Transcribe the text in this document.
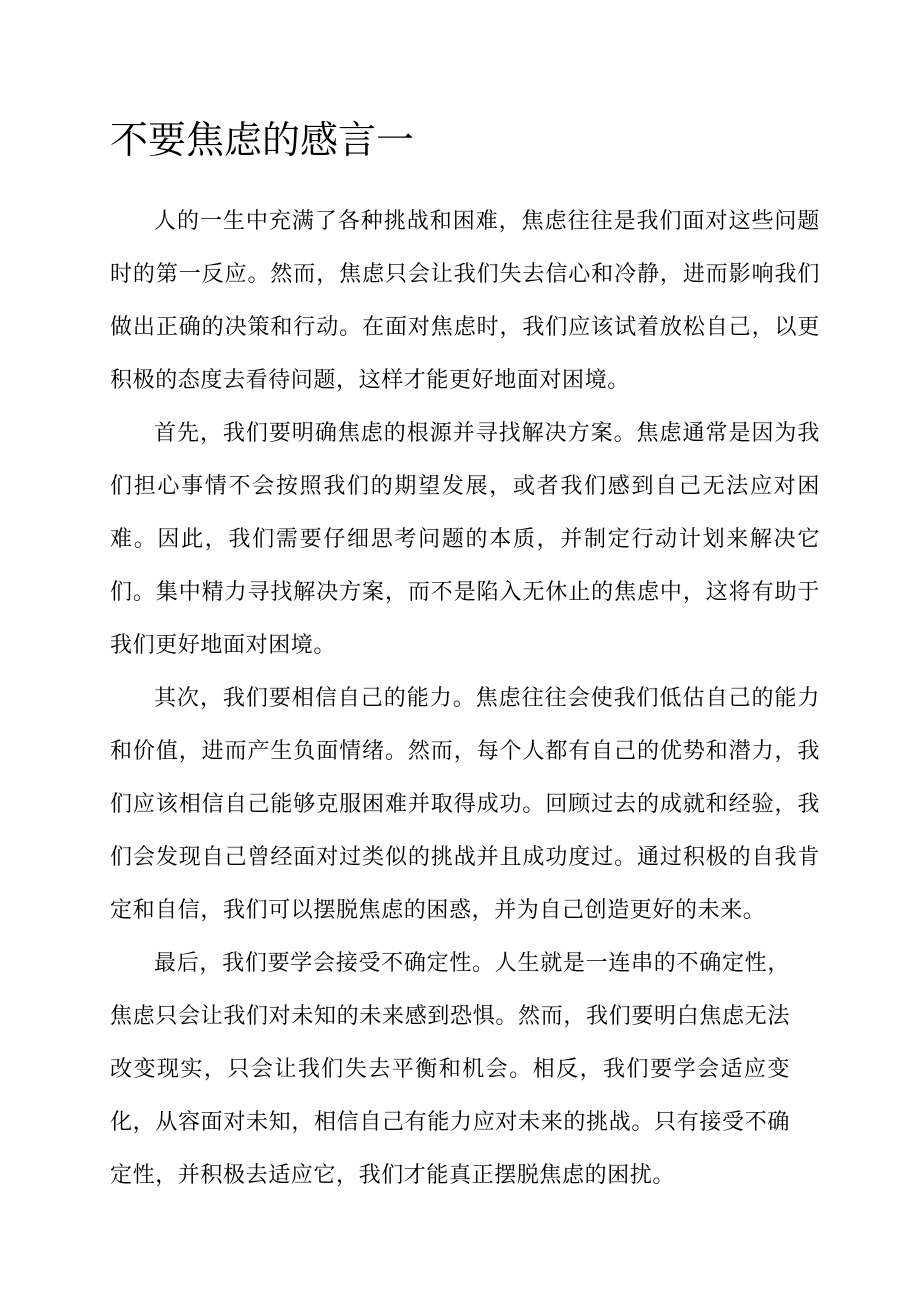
不要焦虑的感言一

人的一生中充满了各种挑战和困难，焦虑往往是我们面对这些问题时的第一反应。然而，焦虑只会让我们失去信心和冷静，进而影响我们做出正确的决策和行动。在面对焦虑时，我们应该试着放松自己，以更积极的态度去看待问题，这样才能更好地面对困境。

首先，我们要明确焦虑的根源并寻找解决方案。焦虑通常是因为我们担心事情不会按照我们的期望发展，或者我们感到自己无法应对困难。因此，我们需要仔细思考问题的本质，并制定行动计划来解决它们。集中精力寻找解决方案，而不是陷入无休止的焦虑中，这将有助于我们更好地面对困境。

其次，我们要相信自己的能力。焦虑往往会使我们低估自己的能力和价值，进而产生负面情绪。然而，每个人都有自己的优势和潜力，我们应该相信自己能够克服困难并取得成功。回顾过去的成就和经验，我们会发现自己曾经面对过类似的挑战并且成功度过。通过积极的自我肯定和自信，我们可以摆脱焦虑的困惑，并为自己创造更好的未来。

最后，我们要学会接受不确定性。人生就是一连串的不确定性，焦虑只会让我们对未知的未来感到恐惧。然而，我们要明白焦虑无法改变现实，只会让我们失去平衡和机会。相反，我们要学会适应变化，从容面对未知，相信自己有能力应对未来的挑战。只有接受不确定性，并积极去适应它，我们才能真正摆脱焦虑的困扰。
